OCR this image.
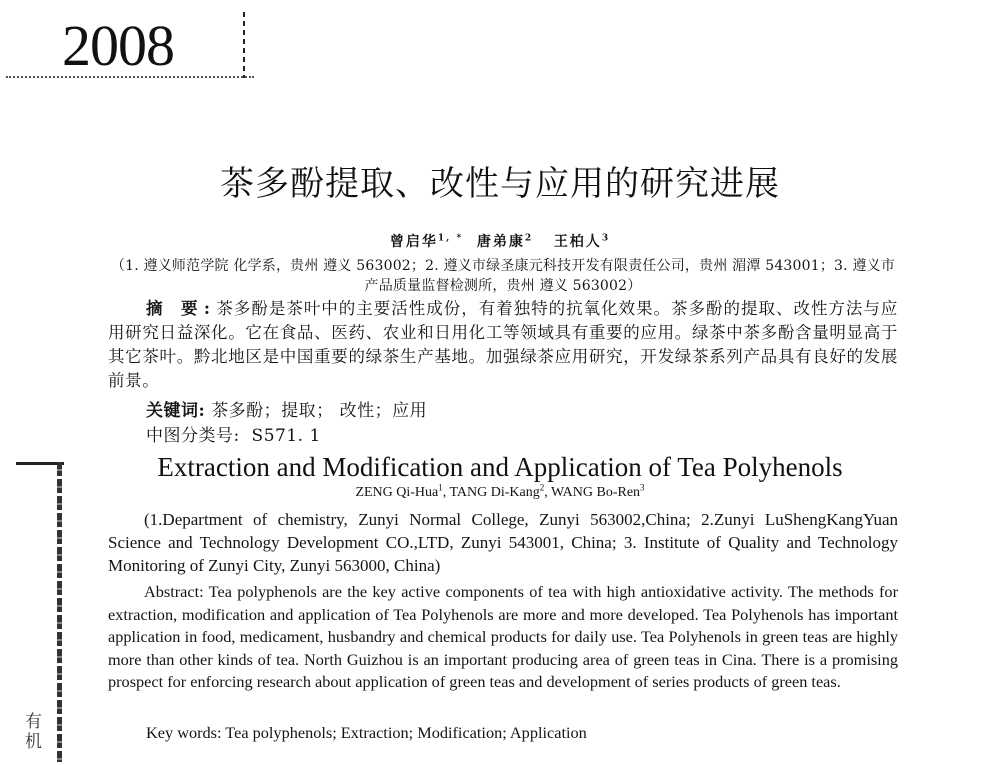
2008
有
机
茶多酚提取、改性与应用的研究进展
曾启华$^{1, *}$ 唐弟康$^2$ 王柏人$^3$
（1. 遵义师范学院 化学系，贵州 遵义 563002；2. 遵义市绿圣康元科技开发有限责任公司，贵州 湄潭 543001；3. 遵义市产品质量监督检测所，贵州 遵义 563002）
摘 要:茶多酚是茶叶中的主要活性成份，有着独特的抗氧化效果。茶多酚的提取、改性方法与应用研究日益深化。它在食品、医药、农业和日用化工等领域具有重要的应用。绿茶中茶多酚含量明显高于其它茶叶。黔北地区是中国重要的绿茶生产基地。加强绿茶应用研究，开发绿茶系列产品具有良好的发展前景。
关键词: 茶多酚；提取； 改性；应用
中图分类号: S571. 1
Extraction and Modification and Application of Tea Polyhenols
ZENG Qi-Hua$^1$, TANG Di-Kang$^2$, WANG Bo-Ren$^3$
(1.Department of chemistry, Zunyi Normal College, Zunyi 563002,China; 2.Zunyi LuShengKangYuan Science and Technology Development CO.,LTD, Zunyi 543001, China; 3. Institute of Quality and Technology Monitoring of Zunyi City, Zunyi 563000, China)
Abstract: Tea polyphenols are the key active components of tea with high antioxidative activity. The methods for extraction, modification and application of Tea Polyhenols are more and more developed. Tea Polyhenols has important application in food, medicament, husbandry and chemical products for daily use. Tea Polyhenols in green teas are highly more than other kinds of tea. North Guizhou is an important producing area of green teas in Cina. There is a promising prospect for enforcing research about application of green teas and development of series products of green teas.
Key words: Tea polyphenols; Extraction; Modification; Application
